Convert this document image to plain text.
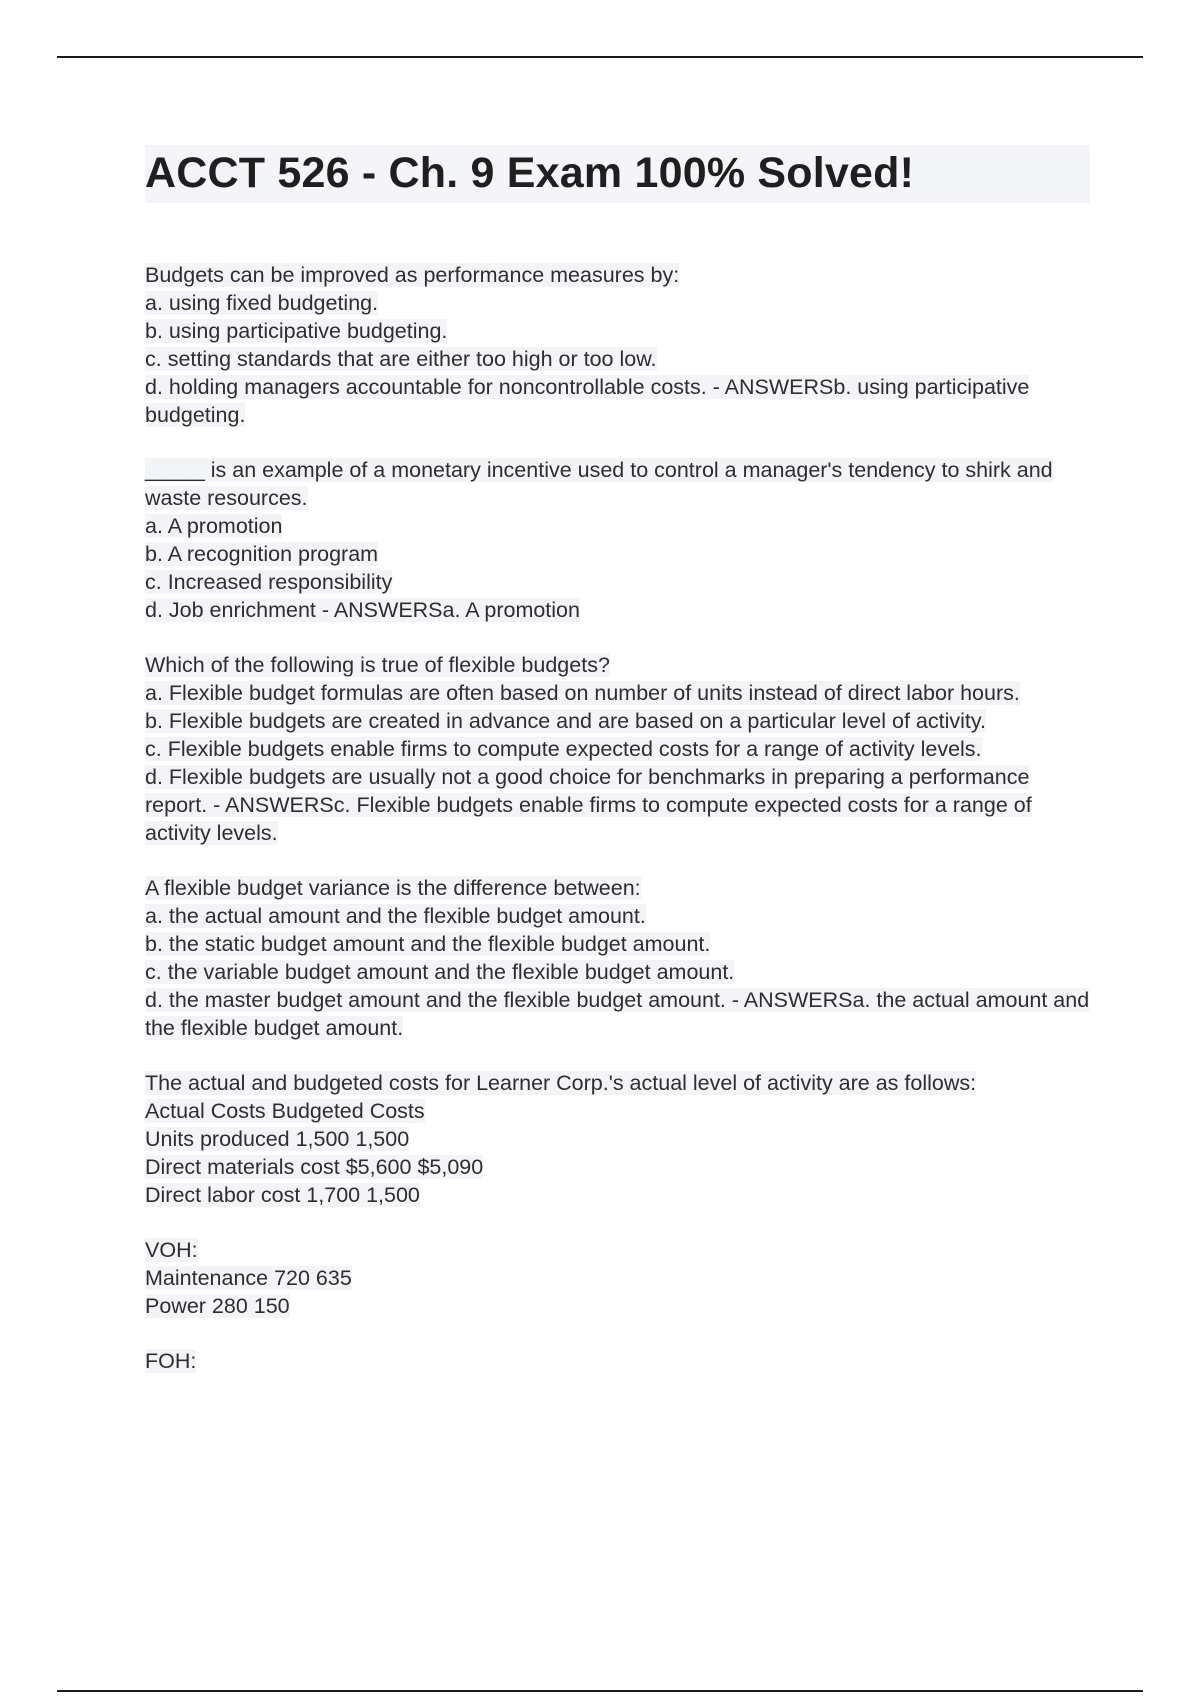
ACCT 526 - Ch. 9 Exam 100% Solved!
Budgets can be improved as performance measures by:
a. using fixed budgeting.
b. using participative budgeting.
c. setting standards that are either too high or too low.
d. holding managers accountable for noncontrollable costs. - ANSWERSb. using participative budgeting.
_____ is an example of a monetary incentive used to control a manager's tendency to shirk and waste resources.
a. A promotion
b. A recognition program
c. Increased responsibility
d. Job enrichment - ANSWERSa. A promotion
Which of the following is true of flexible budgets?
a. Flexible budget formulas are often based on number of units instead of direct labor hours.
b. Flexible budgets are created in advance and are based on a particular level of activity.
c. Flexible budgets enable firms to compute expected costs for a range of activity levels.
d. Flexible budgets are usually not a good choice for benchmarks in preparing a performance report. - ANSWERSc. Flexible budgets enable firms to compute expected costs for a range of activity levels.
A flexible budget variance is the difference between:
a. the actual amount and the flexible budget amount.
b. the static budget amount and the flexible budget amount.
c. the variable budget amount and the flexible budget amount.
d. the master budget amount and the flexible budget amount. - ANSWERSa. the actual amount and the flexible budget amount.
The actual and budgeted costs for Learner Corp.'s actual level of activity are as follows:
Actual Costs Budgeted Costs
Units produced 1,500 1,500
Direct materials cost $5,600 $5,090
Direct labor cost 1,700 1,500
VOH:
Maintenance 720 635
Power 280 150
FOH:
